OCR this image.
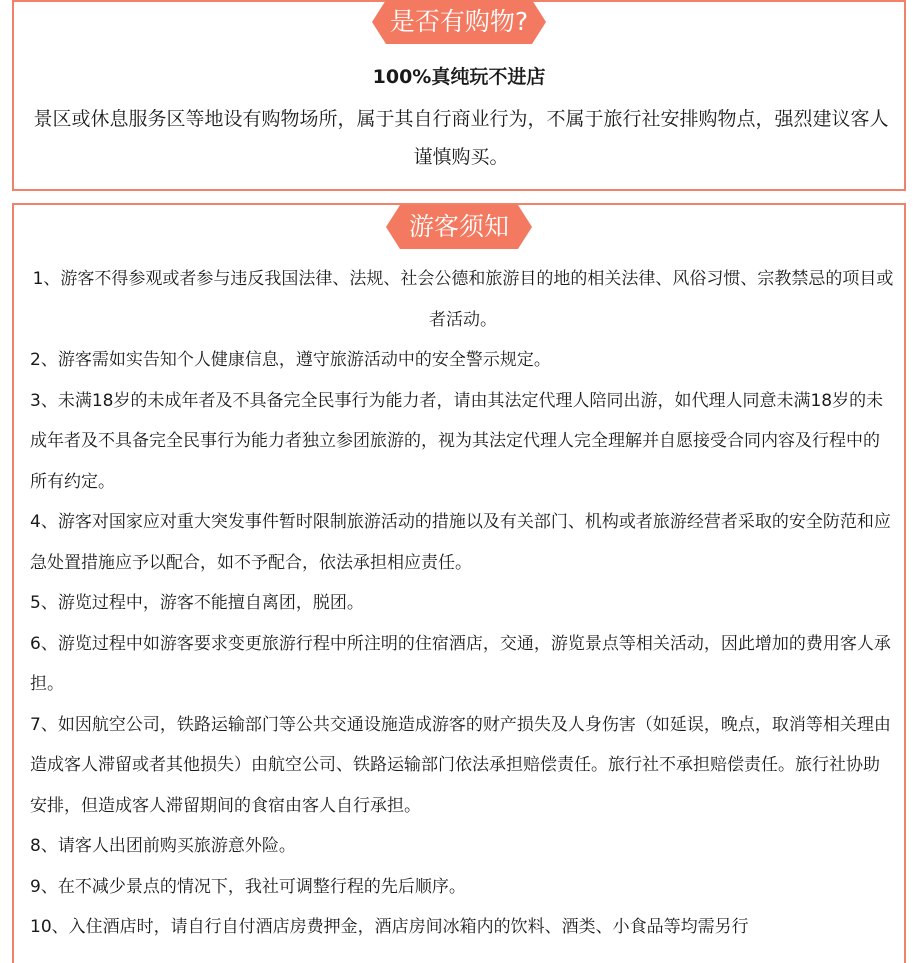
是否有购物?
100%真纯玩不进店
景区或休息服务区等地设有购物场所，属于其自行商业行为，不属于旅行社安排购物点，强烈建议客人谨慎购买。
游客须知

1、游客不得参观或者参与违反我国法律、法规、社会公德和旅游目的地的相关法律、风俗习惯、宗教禁忌的项目或者活动。

2、游客需如实告知个人健康信息，遵守旅游活动中的安全警示规定。

3、未满18岁的未成年者及不具备完全民事行为能力者，请由其法定代理人陪同出游，如代理人同意未满18岁的未成年者及不具备完全民事行为能力者独立参团旅游的，视为其法定代理人完全理解并自愿接受合同内容及行程中的所有约定。

4、游客对国家应对重大突发事件暂时限制旅游活动的措施以及有关部门、机构或者旅游经营者采取的安全防范和应急处置措施应予以配合，如不予配合，依法承担相应责任。

5、游览过程中，游客不能擅自离团，脱团。

6、游览过程中如游客要求变更旅游行程中所注明的住宿酒店，交通，游览景点等相关活动，因此增加的费用客人承担。

7、如因航空公司，铁路运输部门等公共交通设施造成游客的财产损失及人身伤害（如延误，晚点，取消等相关理由造成客人滞留或者其他损失）由航空公司、铁路运输部门依法承担赔偿责任。旅行社不承担赔偿责任。旅行社协助安排，但造成客人滞留期间的食宿由客人自行承担。

8、请客人出团前购买旅游意外险。

9、在不减少景点的情况下，我社可调整行程的先后顺序。

10、入住酒店时，请自行自付酒店房费押金，酒店房间冰箱内的饮料、酒类、小食品等均需另行
